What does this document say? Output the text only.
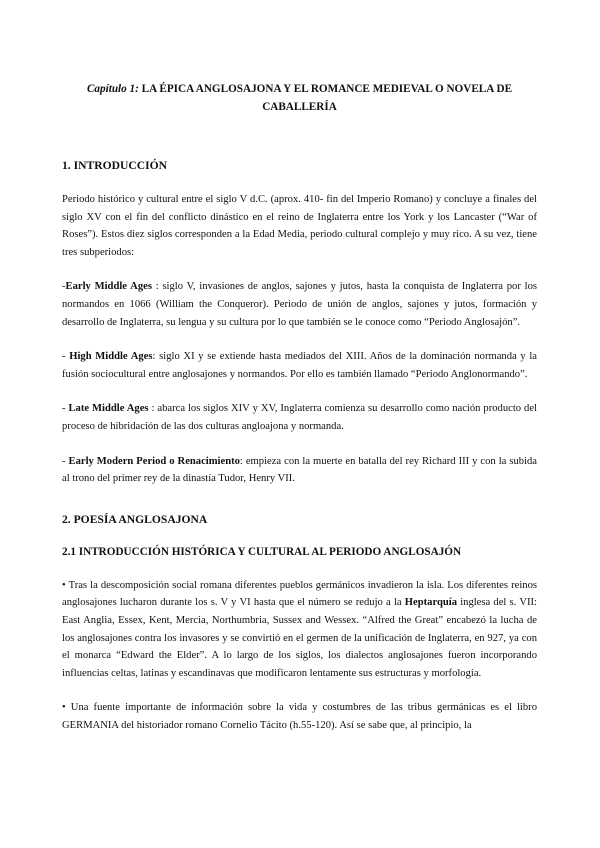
Capítulo 1: LA ÉPICA ANGLOSAJONA Y EL ROMANCE MEDIEVAL O NOVELA DE CABALLERÍA
1. INTRODUCCIÓN

Periodo histórico y cultural entre el siglo V d.C. (aprox. 410- fin del Imperio Romano) y concluye a finales del siglo XV con el fin del conflicto dinástico en el reino de Inglaterra entre los York y los Lancaster (“War of Roses”). Estos diez siglos corresponden a la Edad Media, periodo cultural complejo y muy rico. A su vez, tiene tres subperiodos:

-Early Middle Ages : siglo V, invasiones de anglos, sajones y jutos, hasta la conquista de Inglaterra por los normandos en 1066 (William the Conqueror). Periodo de unión de anglos, sajones y jutos, formación y desarrollo de Inglaterra, su lengua y su cultura por lo que también se le conoce como “Periodo Anglosajón”.

- High Middle Ages: siglo XI y se extiende hasta mediados del XIII. Años de la dominación normanda y la fusión sociocultural entre anglosajones y normandos. Por ello es también llamado “Periodo Anglonormando”.

- Late Middle Ages : abarca los siglos XIV y XV, Inglaterra comienza su desarrollo como nación producto del proceso de hibridación de las dos culturas angloajona y normanda.

- Early Modern Period o Renacimiento: empieza con la muerte en batalla del rey Richard III y con la subida al trono del primer rey de la dinastía Tudor, Henry VII.

2. POESÍA ANGLOSAJONA
2.1 INTRODUCCIÓN HISTÓRICA Y CULTURAL AL PERIODO ANGLOSAJÓN

• Tras la descomposición social romana diferentes pueblos germánicos invadieron la isla. Los diferentes reinos anglosajones lucharon durante los s. V y VI hasta que el número se redujo a la Heptarquía inglesa del s. VII: East Anglia, Essex, Kent, Mercia, Northumbria, Sussex and Wessex. “Alfred the Great” encabezó la lucha de los anglosajones contra los invasores y se convirtió en el germen de la unificación de Inglaterra, en 927, ya con el monarca “Edward the Elder”. A lo largo de los siglos, los dialectos anglosajones fueron incorporando influencias celtas, latinas y escandinavas que modificaron lentamente sus estructuras y morfología.

• Una fuente importante de información sobre la vida y costumbres de las tribus germánicas es el libro GERMANIA del historiador romano Cornelio Tácito (h.55-120). Así se sabe que, al principio, la
